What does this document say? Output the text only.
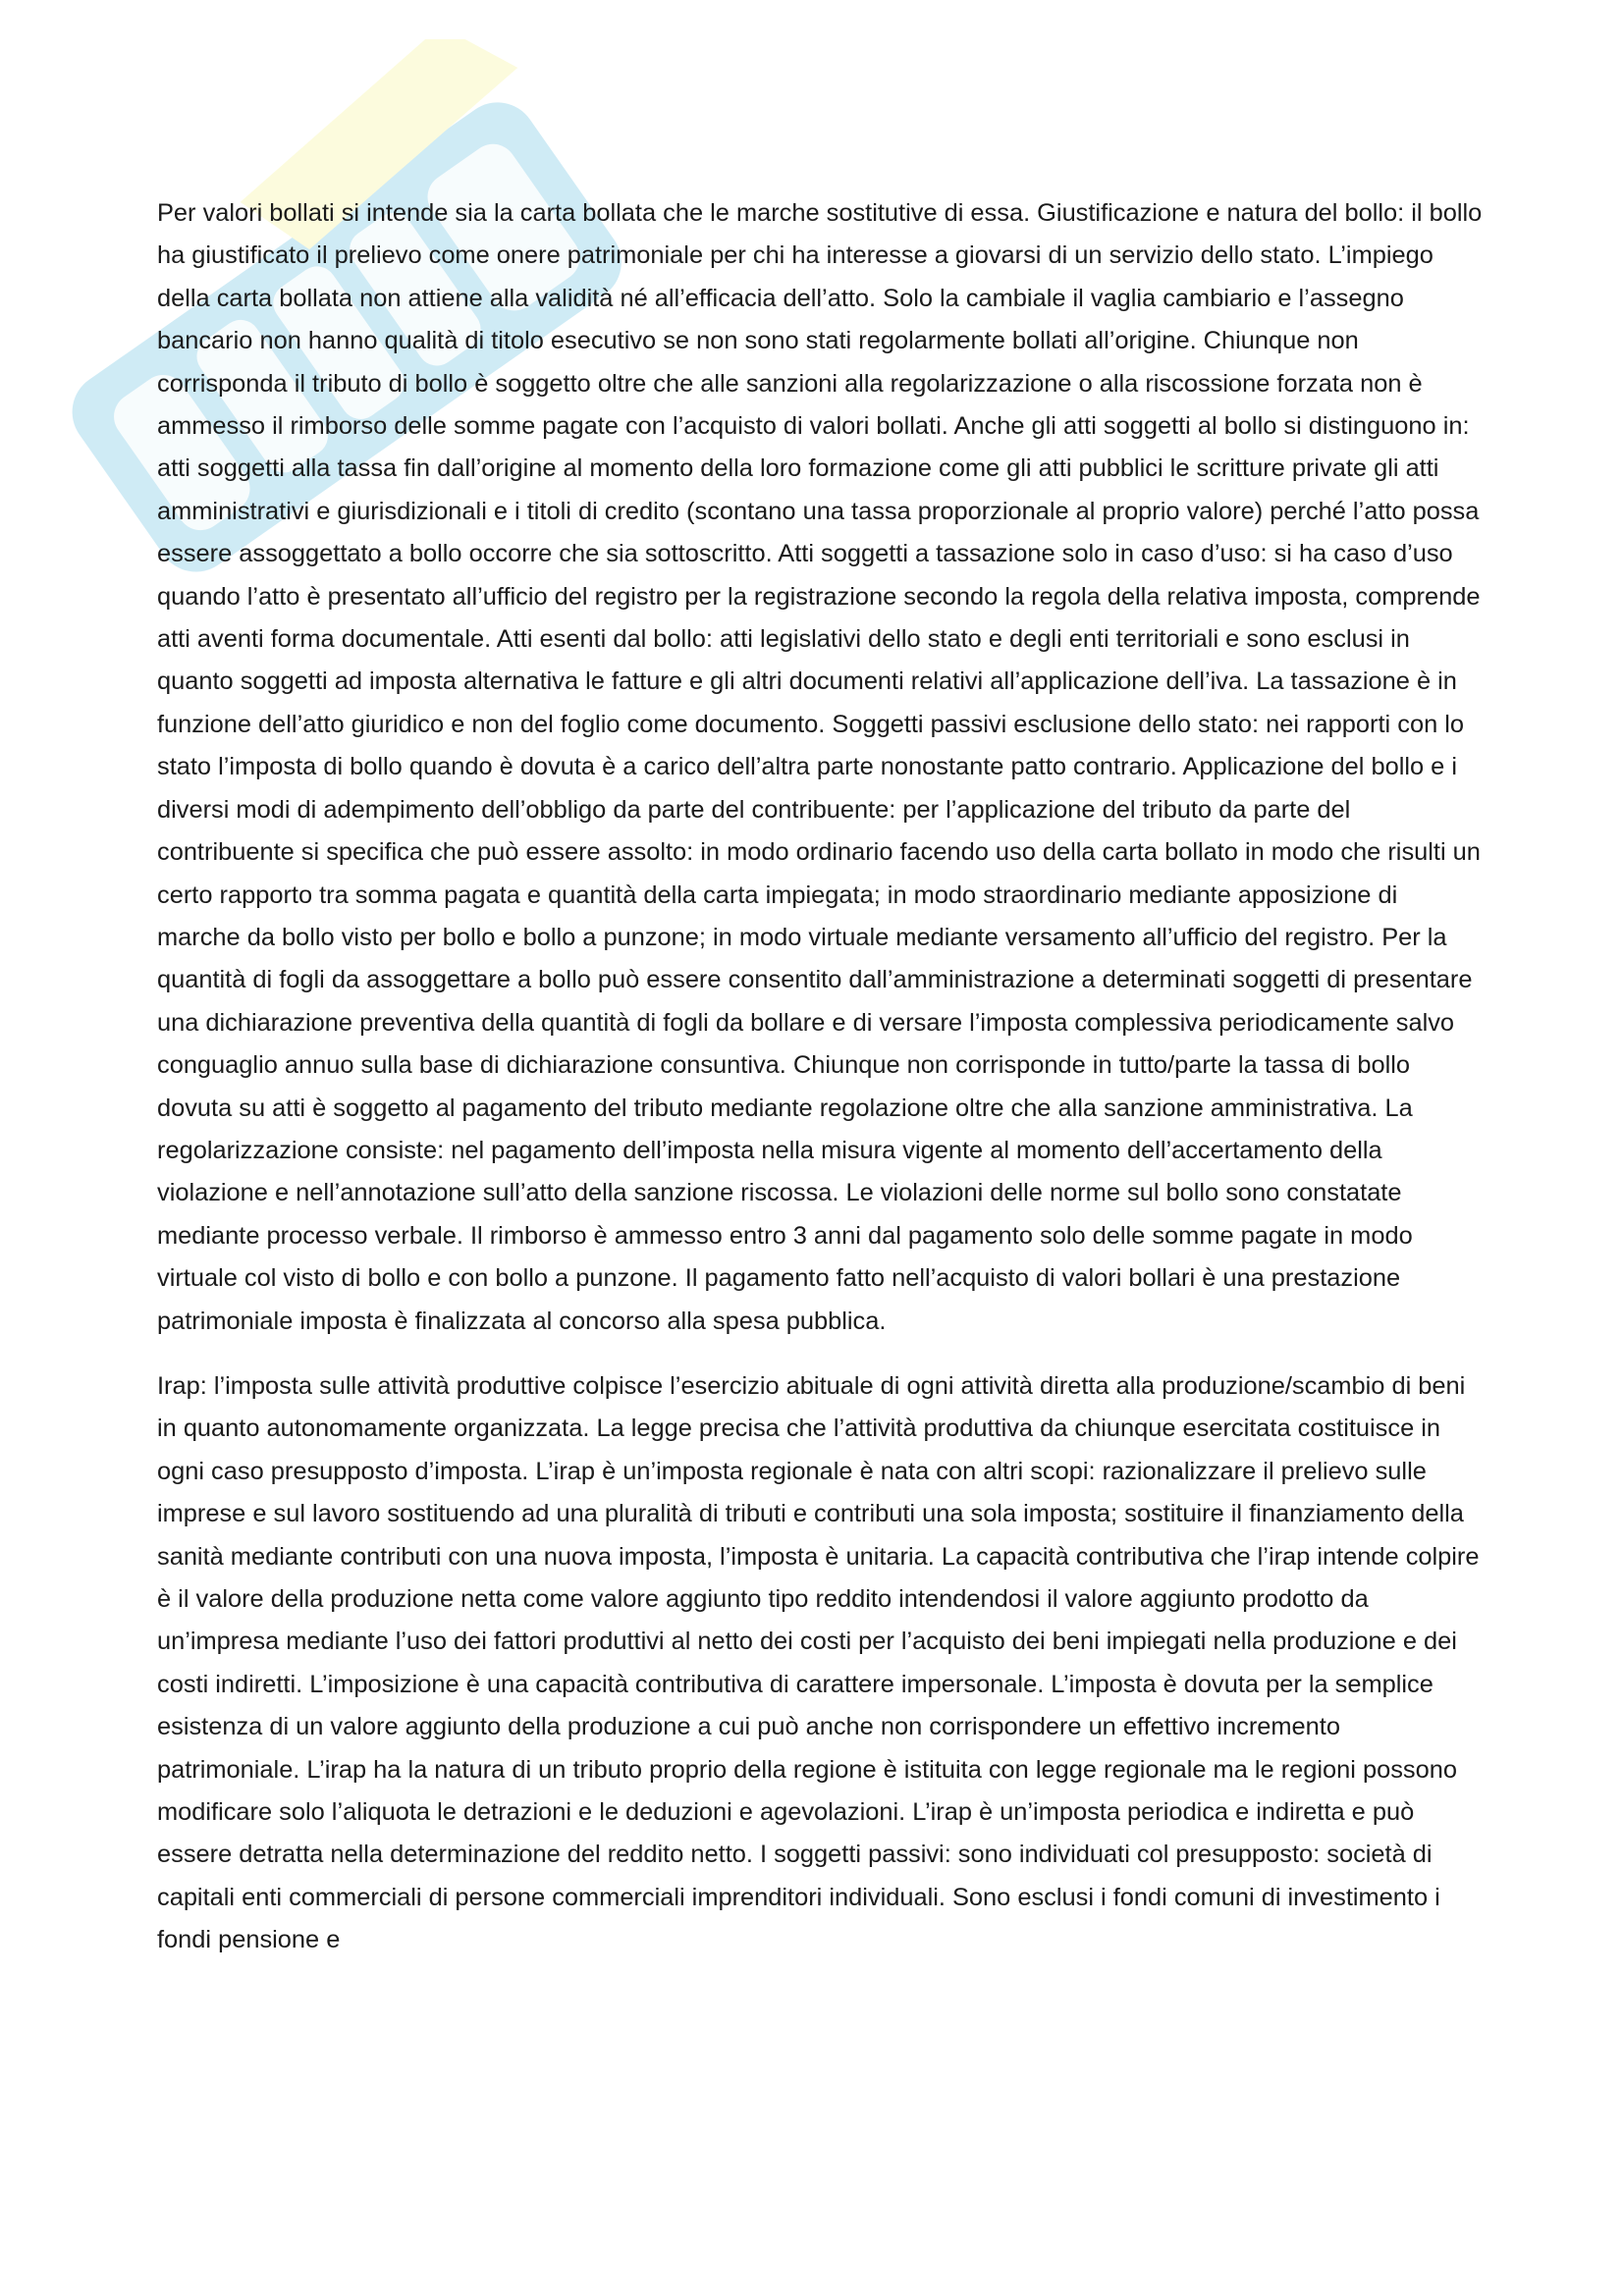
Per valori bollati si intende sia la carta bollata che le marche sostitutive di essa. Giustificazione e natura del bollo: il bollo ha giustificato il prelievo come onere patrimoniale per chi ha interesse a giovarsi di un servizio dello stato. L’impiego della carta bollata non attiene alla validità né all’efficacia dell’atto. Solo la cambiale il vaglia cambiario e l’assegno bancario non hanno qualità di titolo esecutivo se non sono stati regolarmente bollati all’origine. Chiunque non corrisponda il tributo di bollo è soggetto oltre che alle sanzioni alla regolarizzazione o alla riscossione forzata non è ammesso il rimborso delle somme pagate con l’acquisto di valori bollati. Anche gli atti soggetti al bollo si distinguono in: atti soggetti alla tassa fin dall’origine al momento della loro formazione come gli atti pubblici le scritture private gli atti amministrativi e giurisdizionali e i titoli di credito (scontano una tassa proporzionale al proprio valore) perché l’atto possa essere assoggettato a bollo occorre che sia sottoscritto. Atti soggetti a tassazione solo in caso d’uso: si ha caso d’uso quando l’atto è presentato all’ufficio del registro per la registrazione secondo la regola della relativa imposta, comprende atti aventi forma documentale. Atti esenti dal bollo: atti legislativi dello stato e degli enti territoriali e sono esclusi in quanto soggetti ad imposta alternativa le fatture e gli altri documenti relativi all’applicazione dell’iva. La tassazione è in funzione dell’atto giuridico e non del foglio come documento. Soggetti passivi esclusione dello stato: nei rapporti con lo stato l’imposta di bollo quando è dovuta è a carico dell’altra parte nonostante patto contrario. Applicazione del bollo e i diversi modi di adempimento dell’obbligo da parte del contribuente: per l’applicazione del tributo da parte del contribuente si specifica che può essere assolto: in modo ordinario facendo uso della carta bollato in modo che risulti un certo rapporto tra somma pagata e quantità della carta impiegata; in modo straordinario mediante apposizione di marche da bollo visto per bollo e bollo a punzone; in modo virtuale mediante versamento all’ufficio del registro. Per la quantità di fogli da assoggettare a bollo può essere consentito dall’amministrazione a determinati soggetti di presentare una dichiarazione preventiva della quantità di fogli da bollare e di versare l’imposta complessiva periodicamente salvo conguaglio annuo sulla base di dichiarazione consuntiva. Chiunque non corrisponde in tutto/parte la tassa di bollo dovuta su atti è soggetto al pagamento del tributo mediante regolazione oltre che alla sanzione amministrativa. La regolarizzazione consiste: nel pagamento dell’imposta nella misura vigente al momento dell’accertamento della violazione e nell’annotazione sull’atto della sanzione riscossa. Le violazioni delle norme sul bollo sono constatate mediante processo verbale. Il rimborso è ammesso entro 3 anni dal pagamento solo delle somme pagate in modo virtuale col visto di bollo e con bollo a punzone. Il pagamento fatto nell’acquisto di valori bollari è una prestazione patrimoniale imposta è finalizzata al concorso alla spesa pubblica.

Irap: l’imposta sulle attività produttive colpisce l’esercizio abituale di ogni attività diretta alla produzione/scambio di beni in quanto autonomamente organizzata. La legge precisa che l’attività produttiva da chiunque esercitata costituisce in ogni caso presupposto d’imposta. L’irap è un’imposta regionale è nata con altri scopi: razionalizzare il prelievo sulle imprese e sul lavoro sostituendo ad una pluralità di tributi e contributi una sola imposta; sostituire il finanziamento della sanità mediante contributi con una nuova imposta, l’imposta è unitaria. La capacità contributiva che l’irap intende colpire è il valore della produzione netta come valore aggiunto tipo reddito intendendosi il valore aggiunto prodotto da un’impresa mediante l’uso dei fattori produttivi al netto dei costi per l’acquisto dei beni impiegati nella produzione e dei costi indiretti. L’imposizione è una capacità contributiva di carattere impersonale. L’imposta è dovuta per la semplice esistenza di un valore aggiunto della produzione a cui può anche non corrispondere un effettivo incremento patrimoniale. L’irap ha la natura di un tributo proprio della regione è istituita con legge regionale ma le regioni possono modificare solo l’aliquota le detrazioni e le deduzioni e agevolazioni. L’irap è un’imposta periodica e indiretta e può essere detratta nella determinazione del reddito netto. I soggetti passivi: sono individuati col presupposto: società di capitali enti commerciali di persone commerciali imprenditori individuali. Sono esclusi i fondi comuni di investimento i fondi pensione e
